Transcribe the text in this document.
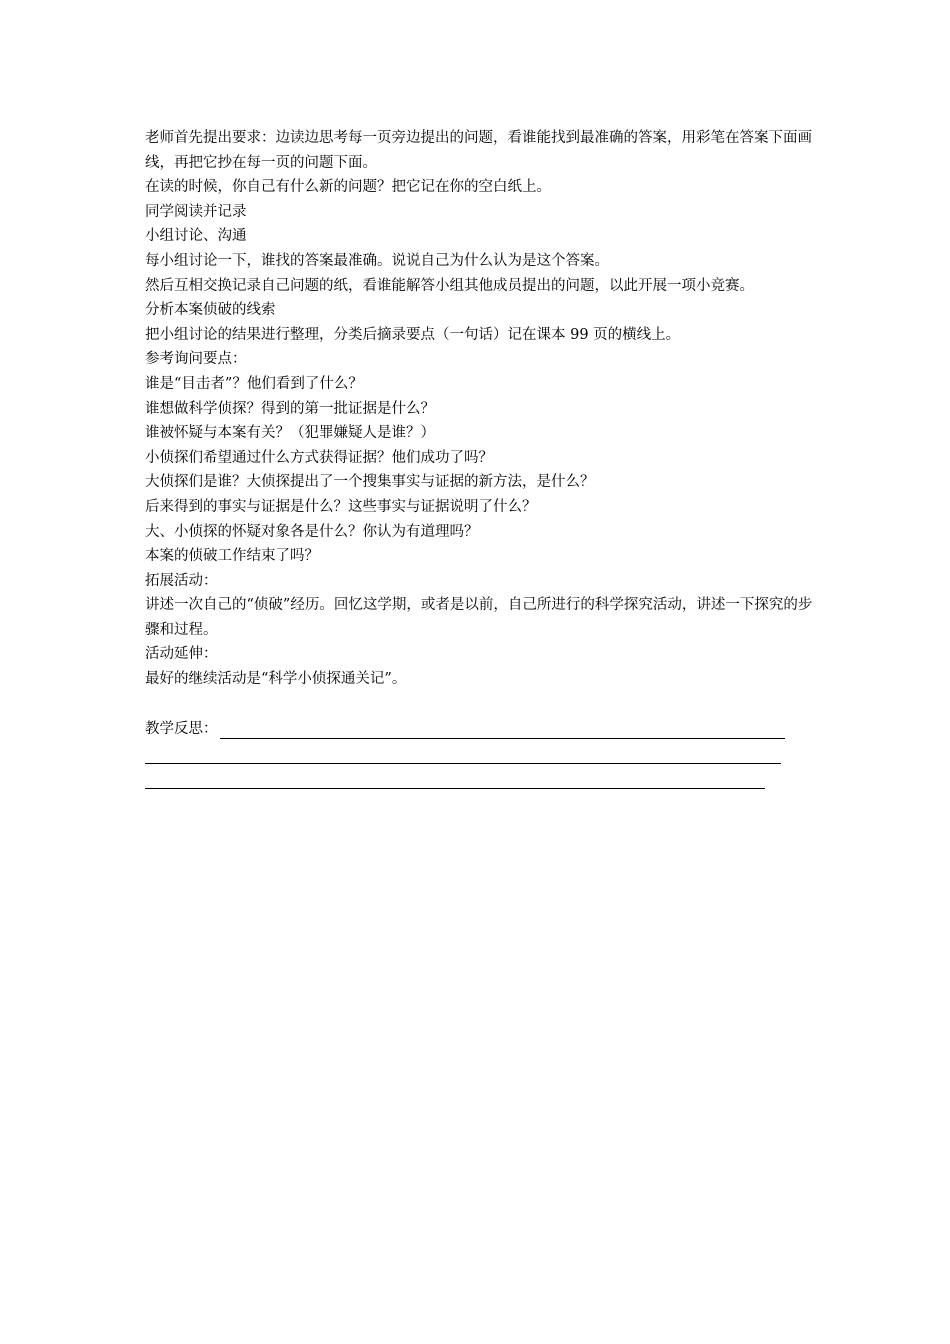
老师首先提出要求：边读边思考每一页旁边提出的问题，看谁能找到最准确的答案，用彩笔在答案下面画线，再把它抄在每一页的问题下面。

在读的时候，你自己有什么新的问题？把它记在你的空白纸上。

同学阅读并记录

小组讨论、沟通

每小组讨论一下，谁找的答案最准确。说说自己为什么认为是这个答案。

然后互相交换记录自己问题的纸，看谁能解答小组其他成员提出的问题，以此开展一项小竞赛。

分析本案侦破的线索

把小组讨论的结果进行整理，分类后摘录要点（一句话）记在课本 99 页的横线上。

参考询问要点：

谁是“目击者”？他们看到了什么？

谁想做科学侦探？得到的第一批证据是什么？

谁被怀疑与本案有关？（犯罪嫌疑人是谁？）

小侦探们希望通过什么方式获得证据？他们成功了吗？

大侦探们是谁？大侦探提出了一个搜集事实与证据的新方法，是什么？

后来得到的事实与证据是什么？这些事实与证据说明了什么？

大、小侦探的怀疑对象各是什么？你认为有道理吗？

本案的侦破工作结束了吗？

拓展活动：

讲述一次自己的“侦破”经历。回忆这学期，或者是以前，自己所进行的科学探究活动，讲述一下探究的步骤和过程。

活动延伸：

最好的继续活动是“科学小侦探通关记”。

教学反思：
